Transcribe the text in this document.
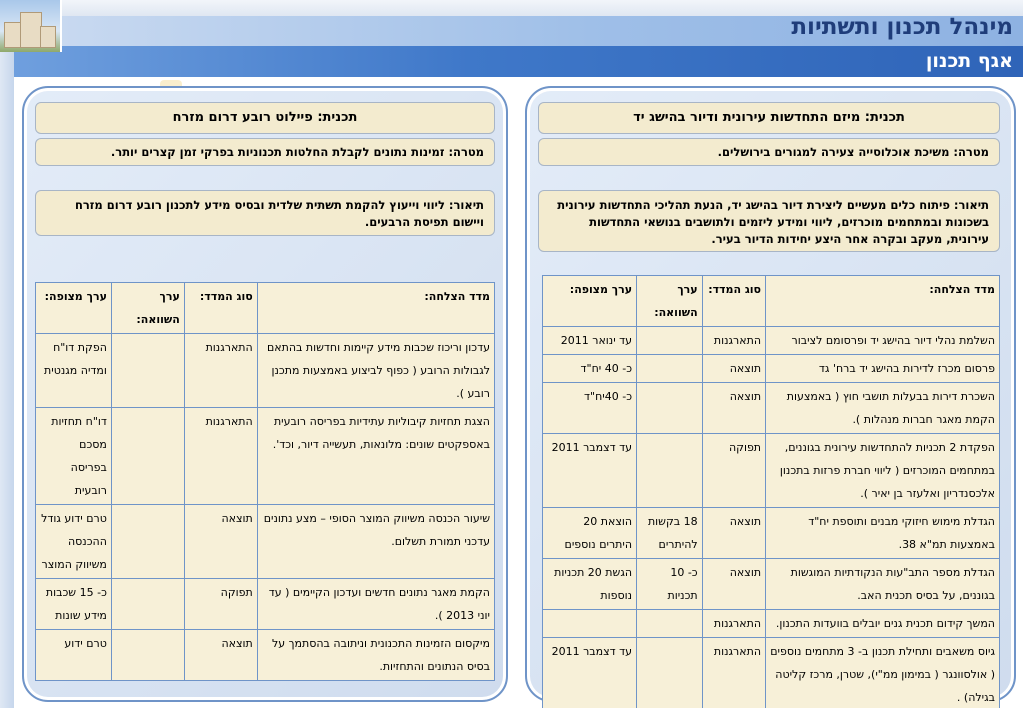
מינהל תכנון ותשתיות
אגף תכנון
תכנית: מיזם התחדשות עירונית ודיור בהישג יד
מטרה: משיכת אוכלוסייה צעירה למגורים בירושלים.
תיאור: פיתוח כלים מעשיים ליצירת דיור בהישג יד, הנעת תהליכי התחדשות עירונית בשכונות ובמתחמים מוכרזים, ליווי ומידע ליזמים ולתושבים בנושאי התחדשות עירונית, מעקב ובקרה אחר היצע יחידות הדיור בעיר.
מדד הצלחה:	סוג המדד:	ערך השוואה:	ערך מצופה:
השלמת נהלי דיור בהישג יד ופרסומם לציבור	התארגנות		עד ינואר 2011
פרסום מכרז לדירות בהישג יד ברח' גד	תוצאה		כ- 40 יח"ד
השכרת דירות בבעלות תושבי חוץ ( באמצעות הקמת מאגר חברות מנהלות ).	תוצאה		כ- 40יח"ד
הפקדת 2 תכניות להתחדשות עירונית בגוננים, במתחמים המוכרזים ( ליווי חברת פרזות בתכנון אלכסנדריון ואלעזר בן יאיר ).	תפוקה		עד דצמבר 2011
הגדלת מימוש חיזוקי מבנים ותוספת יח"ד באמצעות תמ"א 38.	תוצאה	18 בקשות להיתרים	הוצאת 20 היתרים נוספים
הגדלת מספר התב"עות הנקודתיות המוגשות בגוננים, על בסיס תכנית האב.	תוצאה	כ- 10 תכניות	הגשת 20 תכניות נוספות
המשך קידום תכנית גנים יובלים בוועדות התכנון.	התארגנות		
גיוס משאבים ותחילת תכנון ב- 3 מתחמים נוספים ( אולסוונגר ( במימון ממ"י), שטרן, מרכז קליטה בגילה) .	התארגנות		עד דצמבר 2011
תכנית: פיילוט רובע דרום מזרח
מטרה: זמינות נתונים לקבלת החלטות תכנוניות בפרקי זמן קצרים יותר.
תיאור: ליווי וייעוץ להקמת תשתית שלדית ובסיס מידע לתכנון רובע דרום מזרח ויישום תפיסת הרבעים.
מדד הצלחה:	סוג המדד:	ערך השוואה:	ערך מצופה:
עדכון וריכוז שכבות מידע קיימות וחדשות בהתאם לגבולות הרובע ( כפוף לביצוע באמצעות מתכנן רובע ).	התארגנות		הפקת דו"ח ומדיה מגנטית
הצגת תחזיות קיבוליות עתידיות בפריסה רובעית באספקטים שונים: מלונאות, תעשייה דיור, וכד'.	התארגנות		דו"ח תחזיות מסכם בפריסה רובעית
שיעור הכנסה משיווק המוצר הסופי – מצע נתונים עדכני תמורת תשלום.	תוצאה		טרם ידוע גודל ההכנסה משיווק המוצר
הקמת מאגר נתונים חדשים ועדכון הקיימים ( עד יוני 2013 ).	תפוקה		כ- 15 שכבות מידע שונות
מיקסום הזמינות התכנונית וניתובה בהסתמך על בסיס הנתונים והתחזיות.	תוצאה		טרם ידוע
